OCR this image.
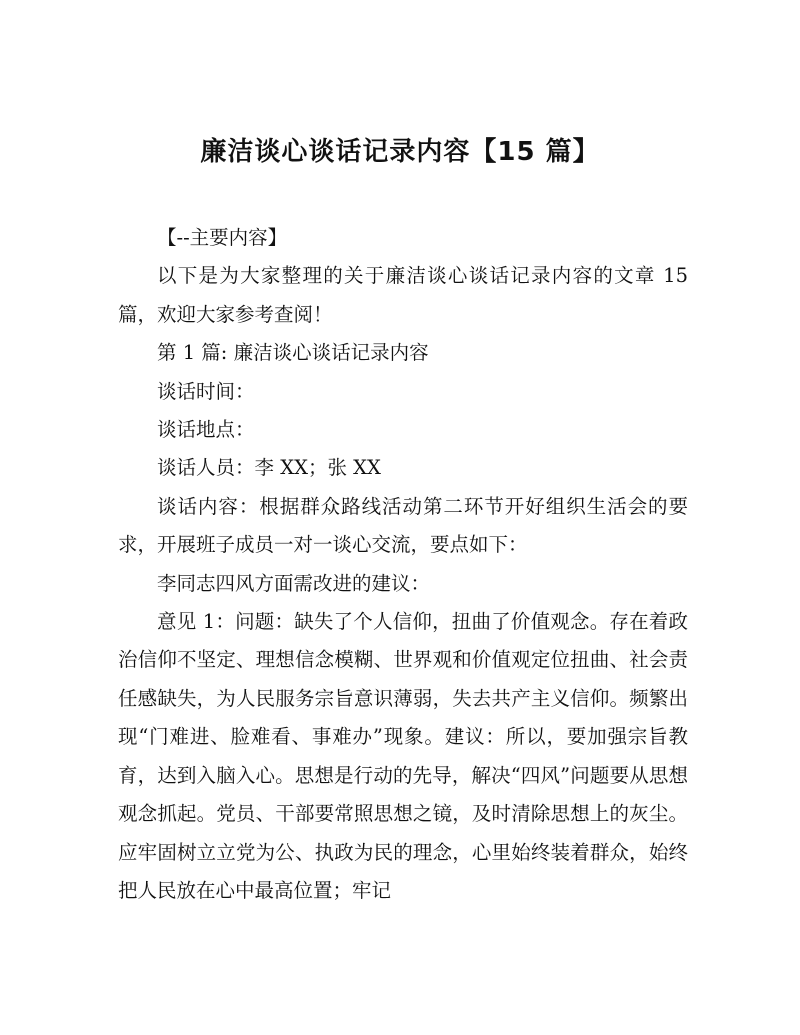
廉洁谈心谈话记录内容【15 篇】

【--主要内容】

以下是为大家整理的关于廉洁谈心谈话记录内容的文章 15 篇，欢迎大家参考查阅！

第 1 篇: 廉洁谈心谈话记录内容

谈话时间：

谈话地点：

谈话人员：李 XX；张 XX

谈话内容：根据群众路线活动第二环节开好组织生活会的要求，开展班子成员一对一谈心交流，要点如下：

李同志四风方面需改进的建议：

意见 1：问题：缺失了个人信仰，扭曲了价值观念。存在着政治信仰不坚定、理想信念模糊、世界观和价值观定位扭曲、社会责任感缺失，为人民服务宗旨意识薄弱，失去共产主义信仰。频繁出现“门难进、脸难看、事难办”现象。建议：所以，要加强宗旨教育，达到入脑入心。思想是行动的先导，解决“四风”问题要从思想观念抓起。党员、干部要常照思想之镜，及时清除思想上的灰尘。应牢固树立立党为公、执政为民的理念，心里始终装着群众，始终把人民放在心中最高位置；牢记
